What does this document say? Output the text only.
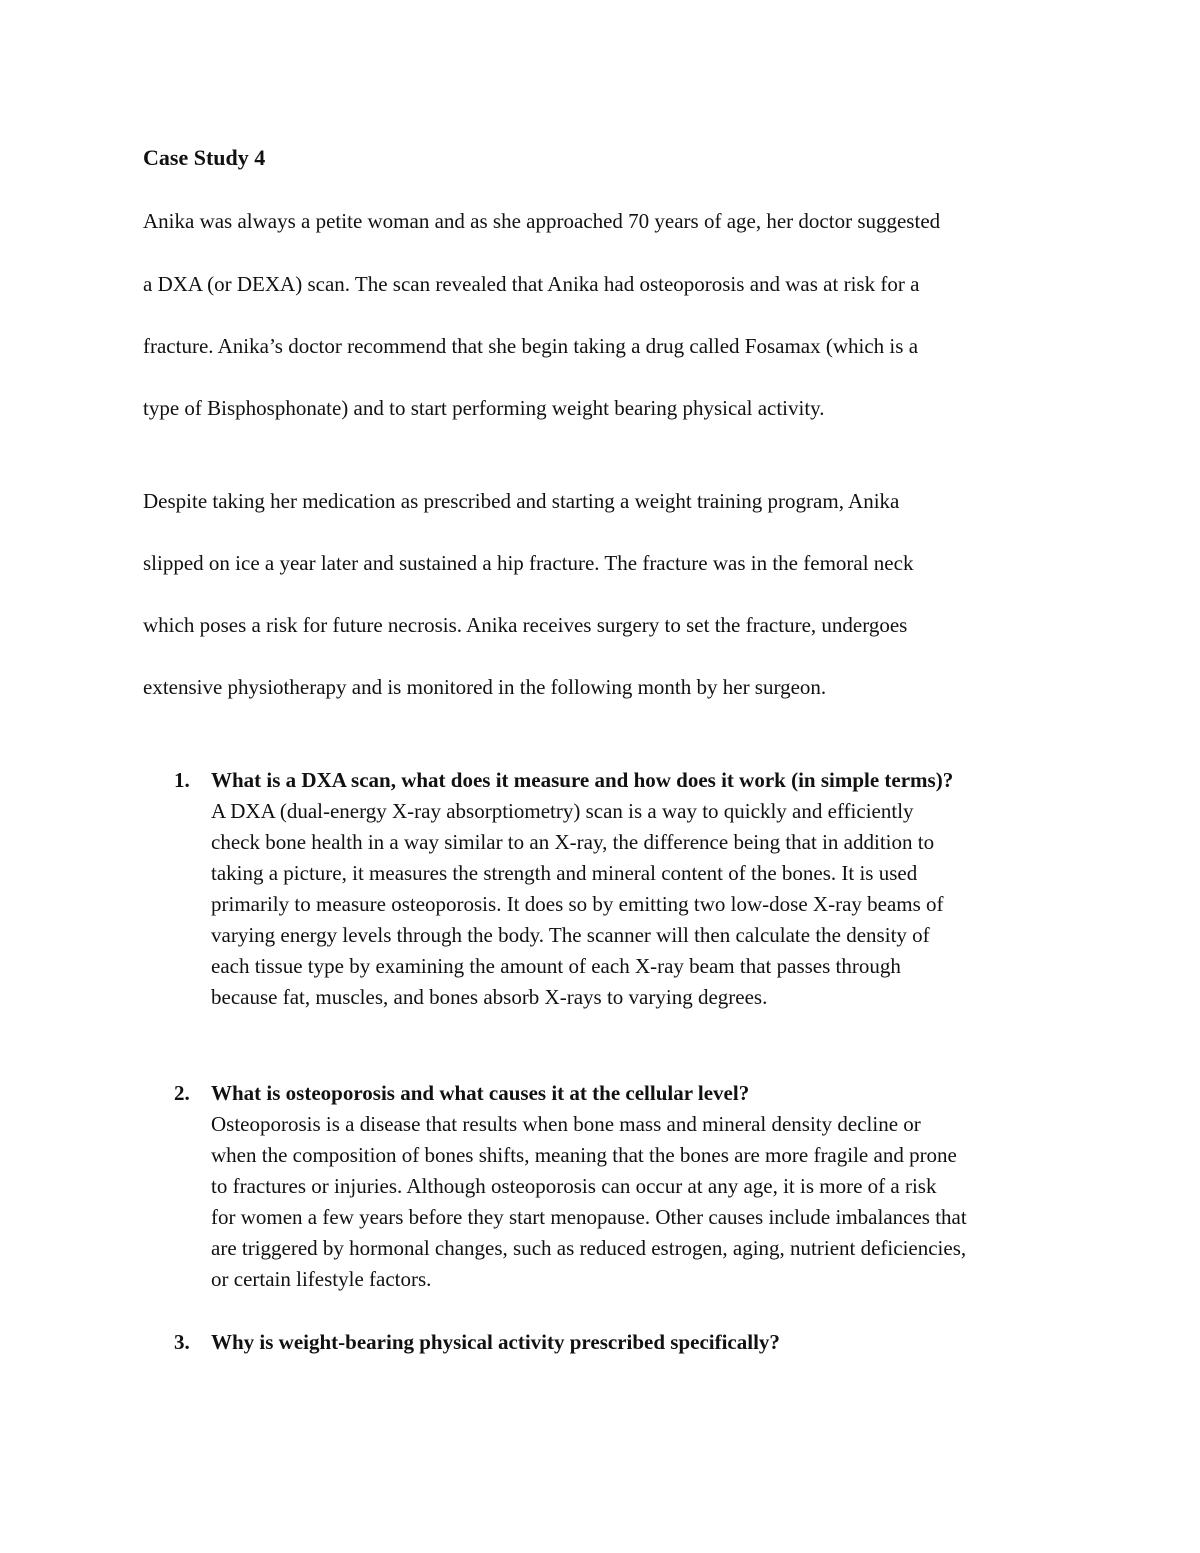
Case Study 4
Anika was always a petite woman and as she approached 70 years of age, her doctor suggested
a DXA (or DEXA) scan. The scan revealed that Anika had osteoporosis and was at risk for a
fracture. Anika’s doctor recommend that she begin taking a drug called Fosamax (which is a
type of Bisphosphonate) and to start performing weight bearing physical activity.
Despite taking her medication as prescribed and starting a weight training program, Anika
slipped on ice a year later and sustained a hip fracture. The fracture was in the femoral neck
which poses a risk for future necrosis. Anika receives surgery to set the fracture, undergoes
extensive physiotherapy and is monitored in the following month by her surgeon.
1. What is a DXA scan, what does it measure and how does it work (in simple terms)?
A DXA (dual-energy X-ray absorptiometry) scan is a way to quickly and efficiently
check bone health in a way similar to an X-ray, the difference being that in addition to
taking a picture, it measures the strength and mineral content of the bones. It is used
primarily to measure osteoporosis. It does so by emitting two low-dose X-ray beams of
varying energy levels through the body. The scanner will then calculate the density of
each tissue type by examining the amount of each X-ray beam that passes through
because fat, muscles, and bones absorb X-rays to varying degrees.
2. What is osteoporosis and what causes it at the cellular level?
Osteoporosis is a disease that results when bone mass and mineral density decline or
when the composition of bones shifts, meaning that the bones are more fragile and prone
to fractures or injuries. Although osteoporosis can occur at any age, it is more of a risk
for women a few years before they start menopause. Other causes include imbalances that
are triggered by hormonal changes, such as reduced estrogen, aging, nutrient deficiencies,
or certain lifestyle factors.
3. Why is weight-bearing physical activity prescribed specifically?
